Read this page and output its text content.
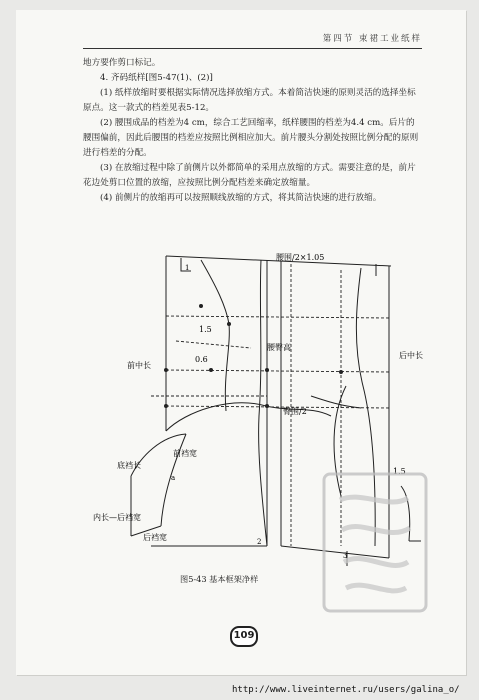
第四节 束裙工业纸样

地方要作剪口标记。

4. 齐码纸样[图5-47(1)、(2)]

(1) 纸样放缩时要根据实际情况选择放缩方式。本着简洁快速的原则灵活的选择坐标原点。这一款式的档差见表5-12。

(2) 腰围成品的档差为4 cm，综合工艺回缩率，纸样腰围的档差为4.4 cm。后片的腰围偏前，因此后腰围的档差应按照比例相应加大。前片腰头分割处按照比例分配的原则进行档差的分配。

(3) 在放缩过程中除了前侧片以外都简单的采用点放缩的方式。需要注意的是，前片花边处剪口位置的放缩，应按照比例分配档差来确定放缩量。

(4) 前侧片的放缩再可以按照顺线放缩的方式，将其简洁快速的进行放缩。

腰围/2×1.05
腰臀高
臀围/2
前中长
后中长
前裆宽
底裆长
内长—后裆宽
后裆宽
1.5
0.6
1.5
1
2
3
a
图5-43 基本框架净样
109
http://www.liveinternet.ru/users/galina_o/
